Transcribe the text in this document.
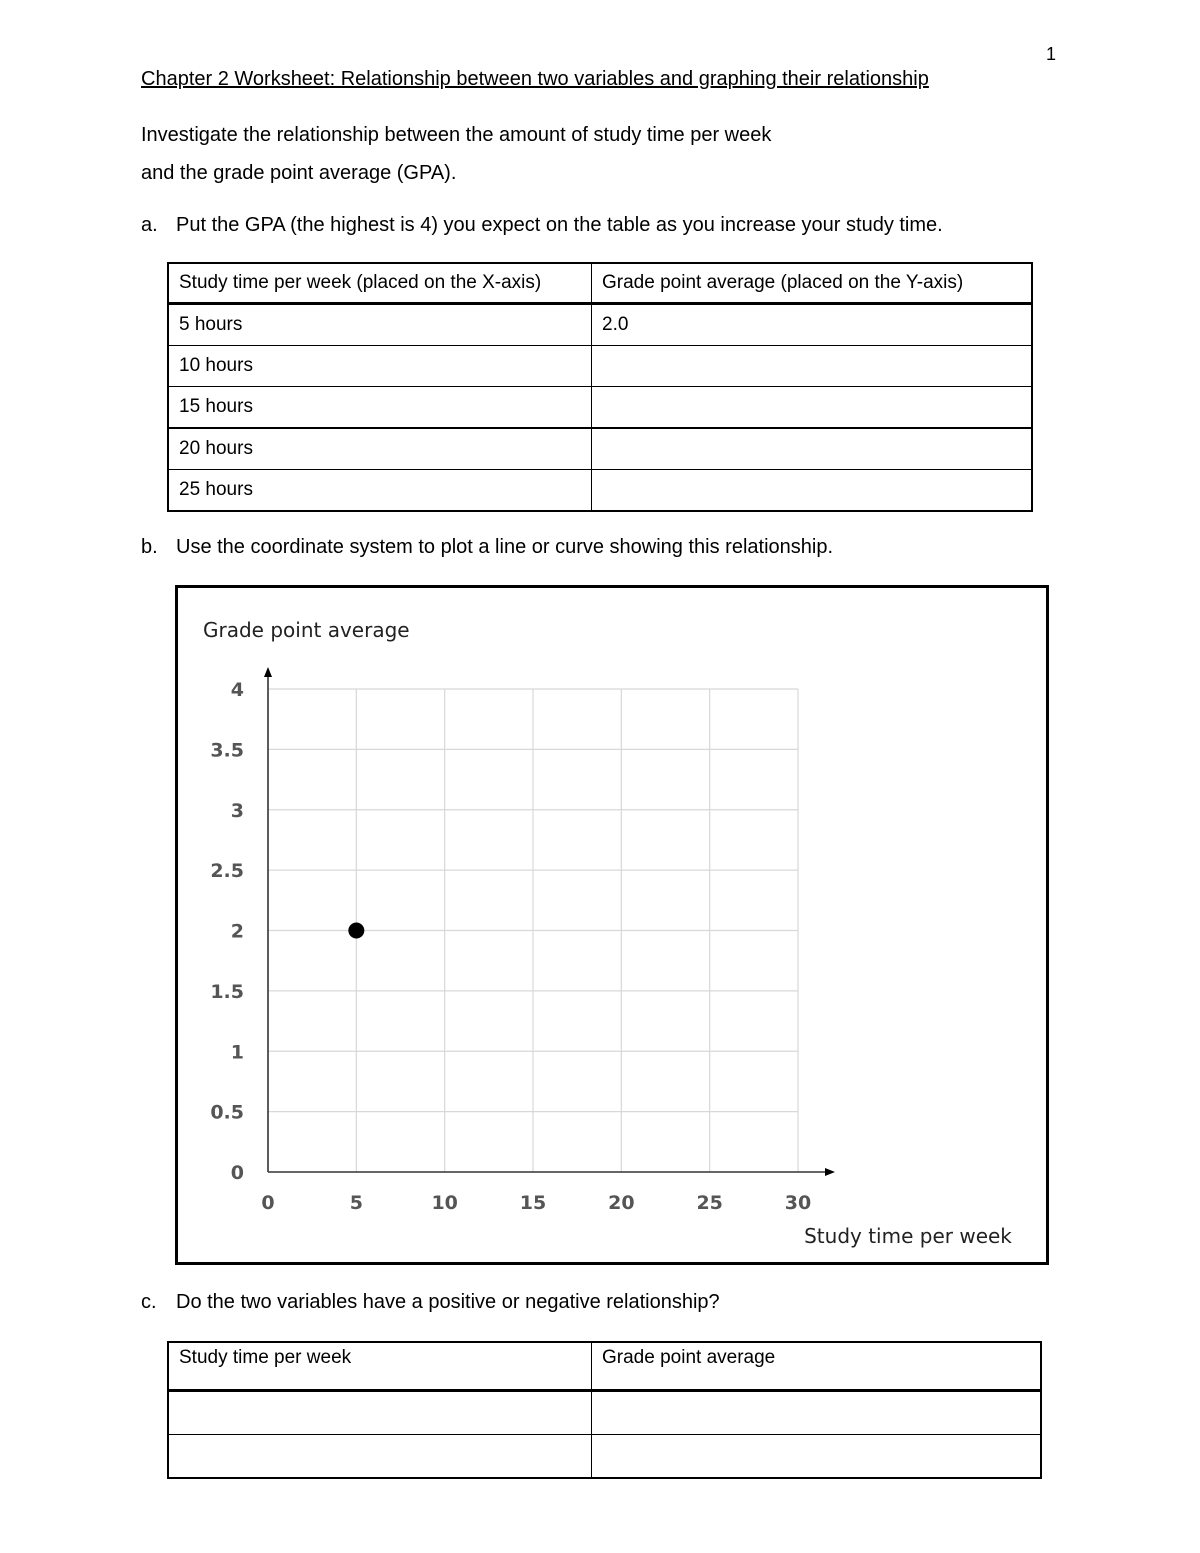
1
Chapter 2 Worksheet: Relationship between two variables and graphing their relationship
Investigate the relationship between the amount of study time per week
and the grade point average (GPA).
a. Put the GPA (the highest is 4) you expect on the table as you increase your study time.
Study time per week (placed on the X-axis)	Grade point average (placed on the Y-axis)
5 hours	2.0
10 hours	
15 hours	
20 hours	
25 hours	
b. Use the coordinate system to plot a line or curve showing this relationship.
Grade point average
Study time per week
0	5	10	15	20	25	30
0
0.5
1
1.5
2
2.5
3
3.5
4
c. Do the two variables have a positive or negative relationship?
Study time per week	Grade point average
